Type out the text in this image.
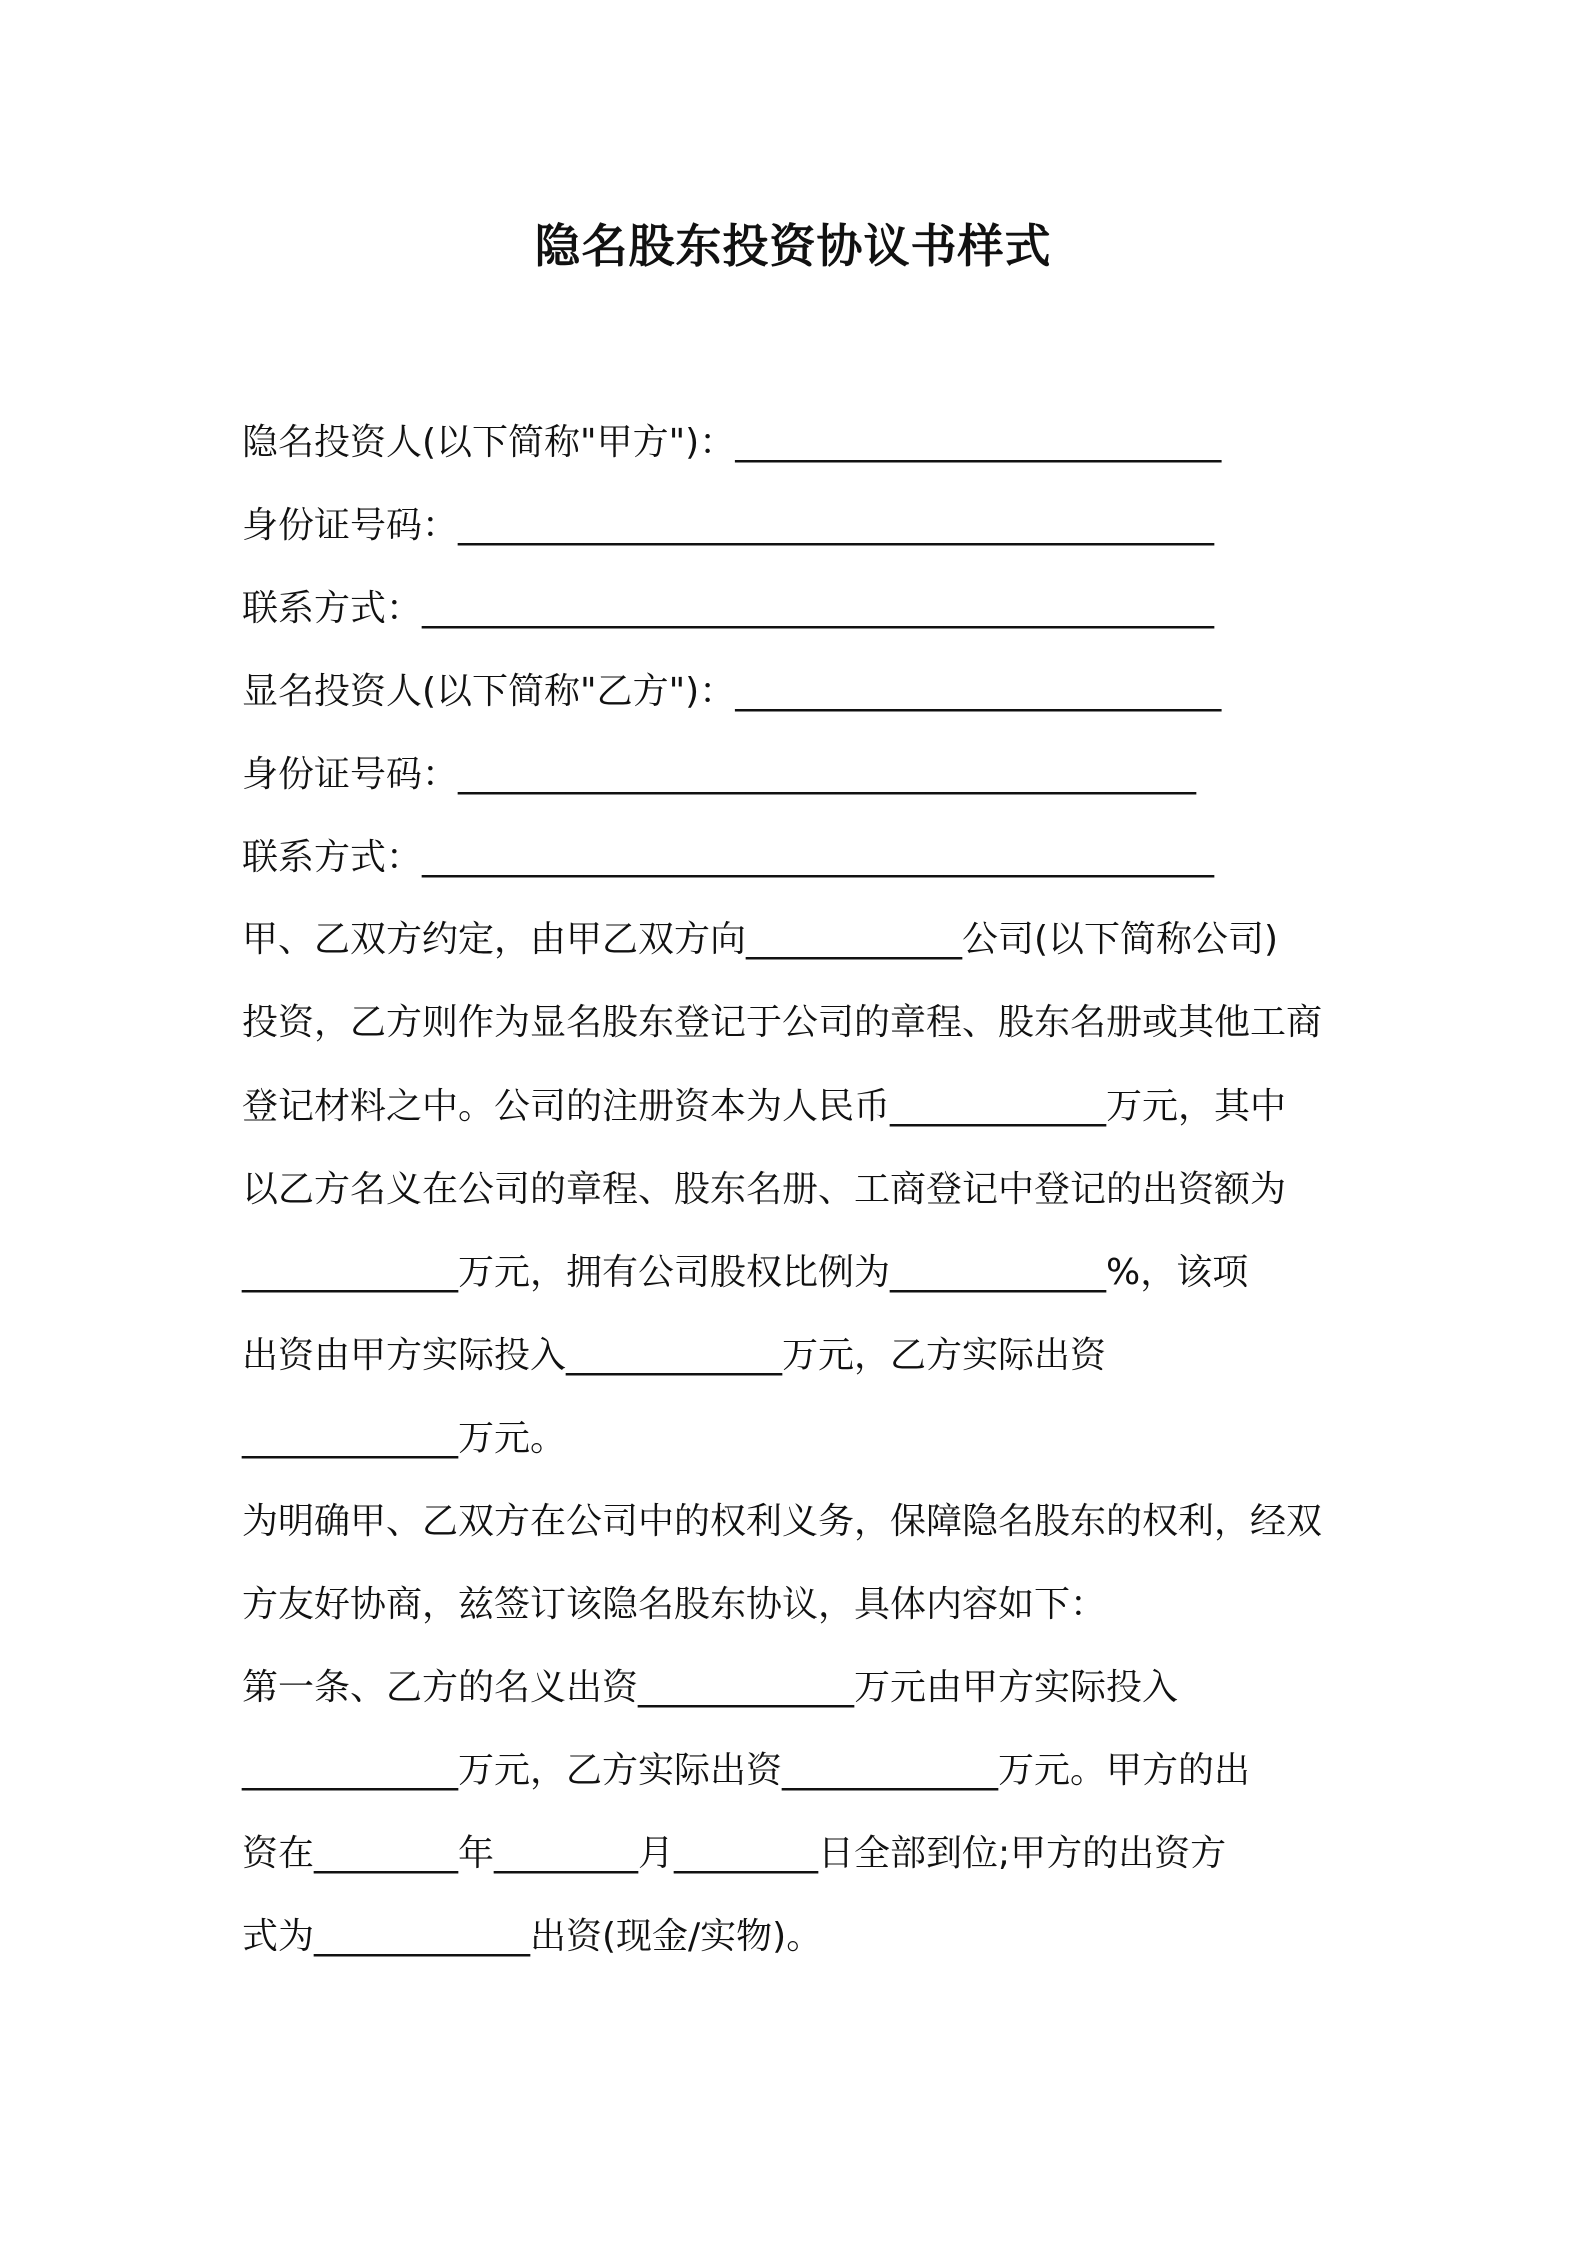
隐名股东投资协议书样式
隐名投资人(以下简称"甲方")：___________________________
身份证号码：__________________________________________
联系方式：____________________________________________
显名投资人(以下简称"乙方")：___________________________
身份证号码：_________________________________________
联系方式：____________________________________________
甲、乙双方约定，由甲乙双方向____________公司(以下简称公司)
投资，乙方则作为显名股东登记于公司的章程、股东名册或其他工商
登记材料之中。公司的注册资本为人民币____________万元，其中
以乙方名义在公司的章程、股东名册、工商登记中登记的出资额为
____________万元，拥有公司股权比例为____________%，该项
出资由甲方实际投入____________万元，乙方实际出资
____________万元。
为明确甲、乙双方在公司中的权利义务，保障隐名股东的权利，经双
方友好协商，兹签订该隐名股东协议，具体内容如下：
第一条、乙方的名义出资____________万元由甲方实际投入
____________万元，乙方实际出资____________万元。甲方的出
资在________年________月________日全部到位;甲方的出资方
式为____________出资(现金/实物)。
